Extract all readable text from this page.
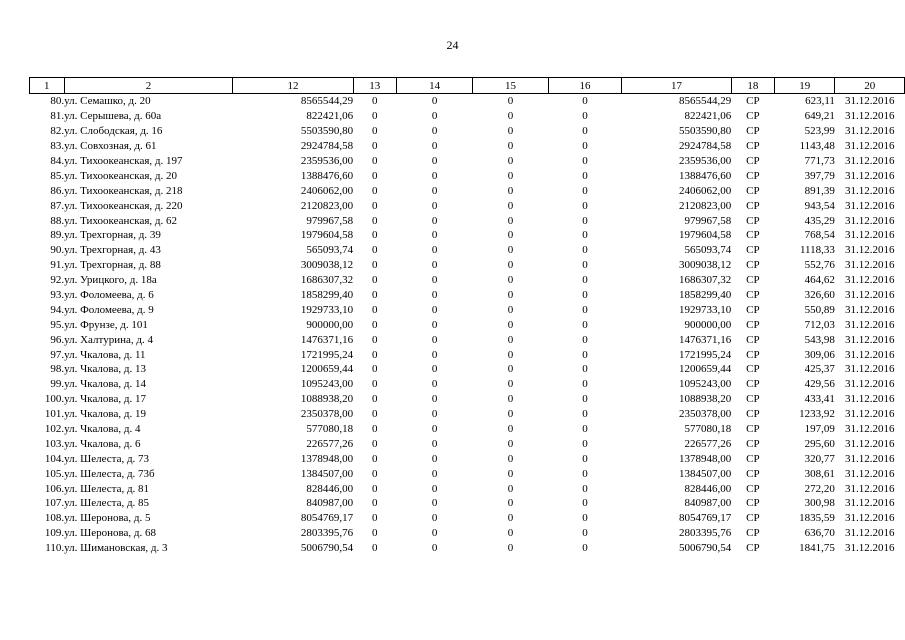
24
1	2	12	13	14	15	16	17	18	19	20
80.	ул. Семашко, д. 20	8565544,29	0	0	0	0	8565544,29	СР	623,11	31.12.2016
81.	ул. Серышева, д. 60а	822421,06	0	0	0	0	822421,06	СР	649,21	31.12.2016
82.	ул. Слободская, д. 16	5503590,80	0	0	0	0	5503590,80	СР	523,99	31.12.2016
83.	ул. Совхозная, д. 61	2924784,58	0	0	0	0	2924784,58	СР	1143,48	31.12.2016
84.	ул. Тихоокеанская, д. 197	2359536,00	0	0	0	0	2359536,00	СР	771,73	31.12.2016
85.	ул. Тихоокеанская, д. 20	1388476,60	0	0	0	0	1388476,60	СР	397,79	31.12.2016
86.	ул. Тихоокеанская, д. 218	2406062,00	0	0	0	0	2406062,00	СР	891,39	31.12.2016
87.	ул. Тихоокеанская, д. 220	2120823,00	0	0	0	0	2120823,00	СР	943,54	31.12.2016
88.	ул. Тихоокеанская, д. 62	979967,58	0	0	0	0	979967,58	СР	435,29	31.12.2016
89.	ул. Трехгорная, д. 39	1979604,58	0	0	0	0	1979604,58	СР	768,54	31.12.2016
90.	ул. Трехгорная, д. 43	565093,74	0	0	0	0	565093,74	СР	1118,33	31.12.2016
91.	ул. Трехгорная, д. 88	3009038,12	0	0	0	0	3009038,12	СР	552,76	31.12.2016
92.	ул. Урицкого, д. 18а	1686307,32	0	0	0	0	1686307,32	СР	464,62	31.12.2016
93.	ул. Фоломеева, д. 6	1858299,40	0	0	0	0	1858299,40	СР	326,60	31.12.2016
94.	ул. Фоломеева, д. 9	1929733,10	0	0	0	0	1929733,10	СР	550,89	31.12.2016
95.	ул. Фрунзе, д. 101	900000,00	0	0	0	0	900000,00	СР	712,03	31.12.2016
96.	ул. Халтурина, д. 4	1476371,16	0	0	0	0	1476371,16	СР	543,98	31.12.2016
97.	ул. Чкалова, д. 11	1721995,24	0	0	0	0	1721995,24	СР	309,06	31.12.2016
98.	ул. Чкалова, д. 13	1200659,44	0	0	0	0	1200659,44	СР	425,37	31.12.2016
99.	ул. Чкалова, д. 14	1095243,00	0	0	0	0	1095243,00	СР	429,56	31.12.2016
100.	ул. Чкалова, д. 17	1088938,20	0	0	0	0	1088938,20	СР	433,41	31.12.2016
101.	ул. Чкалова, д. 19	2350378,00	0	0	0	0	2350378,00	СР	1233,92	31.12.2016
102.	ул. Чкалова, д. 4	577080,18	0	0	0	0	577080,18	СР	197,09	31.12.2016
103.	ул. Чкалова, д. 6	226577,26	0	0	0	0	226577,26	СР	295,60	31.12.2016
104.	ул. Шелеста, д. 73	1378948,00	0	0	0	0	1378948,00	СР	320,77	31.12.2016
105.	ул. Шелеста, д. 73б	1384507,00	0	0	0	0	1384507,00	СР	308,61	31.12.2016
106.	ул. Шелеста, д. 81	828446,00	0	0	0	0	828446,00	СР	272,20	31.12.2016
107.	ул. Шелеста, д. 85	840987,00	0	0	0	0	840987,00	СР	300,98	31.12.2016
108.	ул. Шеронова, д. 5	8054769,17	0	0	0	0	8054769,17	СР	1835,59	31.12.2016
109.	ул. Шеронова, д. 68	2803395,76	0	0	0	0	2803395,76	СР	636,70	31.12.2016
110.	ул. Шимановская, д. 3	5006790,54	0	0	0	0	5006790,54	СР	1841,75	31.12.2016
